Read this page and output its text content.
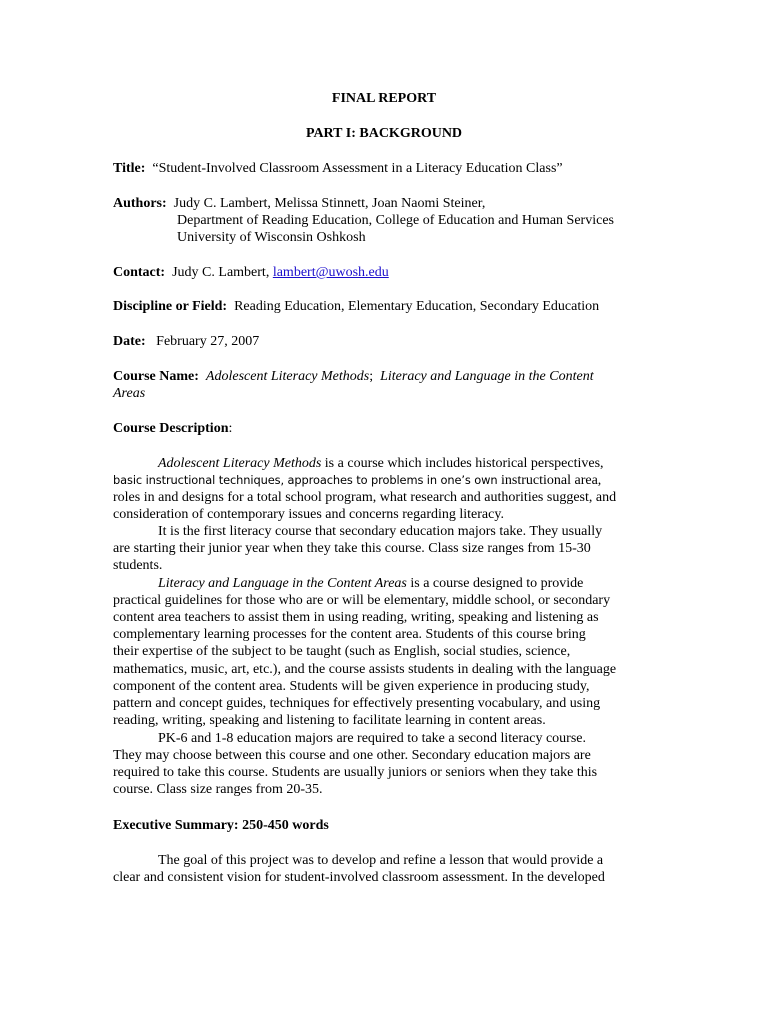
FINAL REPORT
PART I: BACKGROUND
Title: “Student-Involved Classroom Assessment in a Literacy Education Class”
Authors: Judy C. Lambert, Melissa Stinnett, Joan Naomi Steiner,
Department of Reading Education, College of Education and Human Services
University of Wisconsin Oshkosh
Contact: Judy C. Lambert, lambert@uwosh.edu
Discipline or Field: Reading Education, Elementary Education, Secondary Education
Date: February 27, 2007
Course Name: Adolescent Literacy Methods; Literacy and Language in the Content
Areas
Course Description:
Adolescent Literacy Methods is a course which includes historical perspectives,
basic instructional techniques, approaches to problems in one’s own instructional area,
roles in and designs for a total school program, what research and authorities suggest, and
consideration of contemporary issues and concerns regarding literacy.
It is the first literacy course that secondary education majors take. They usually
are starting their junior year when they take this course. Class size ranges from 15-30
students.
Literacy and Language in the Content Areas is a course designed to provide
practical guidelines for those who are or will be elementary, middle school, or secondary
content area teachers to assist them in using reading, writing, speaking and listening as
complementary learning processes for the content area. Students of this course bring
their expertise of the subject to be taught (such as English, social studies, science,
mathematics, music, art, etc.), and the course assists students in dealing with the language
component of the content area. Students will be given experience in producing study,
pattern and concept guides, techniques for effectively presenting vocabulary, and using
reading, writing, speaking and listening to facilitate learning in content areas.
PK-6 and 1-8 education majors are required to take a second literacy course.
They may choose between this course and one other. Secondary education majors are
required to take this course. Students are usually juniors or seniors when they take this
course. Class size ranges from 20-35.
Executive Summary: 250-450 words
The goal of this project was to develop and refine a lesson that would provide a
clear and consistent vision for student-involved classroom assessment. In the developed
